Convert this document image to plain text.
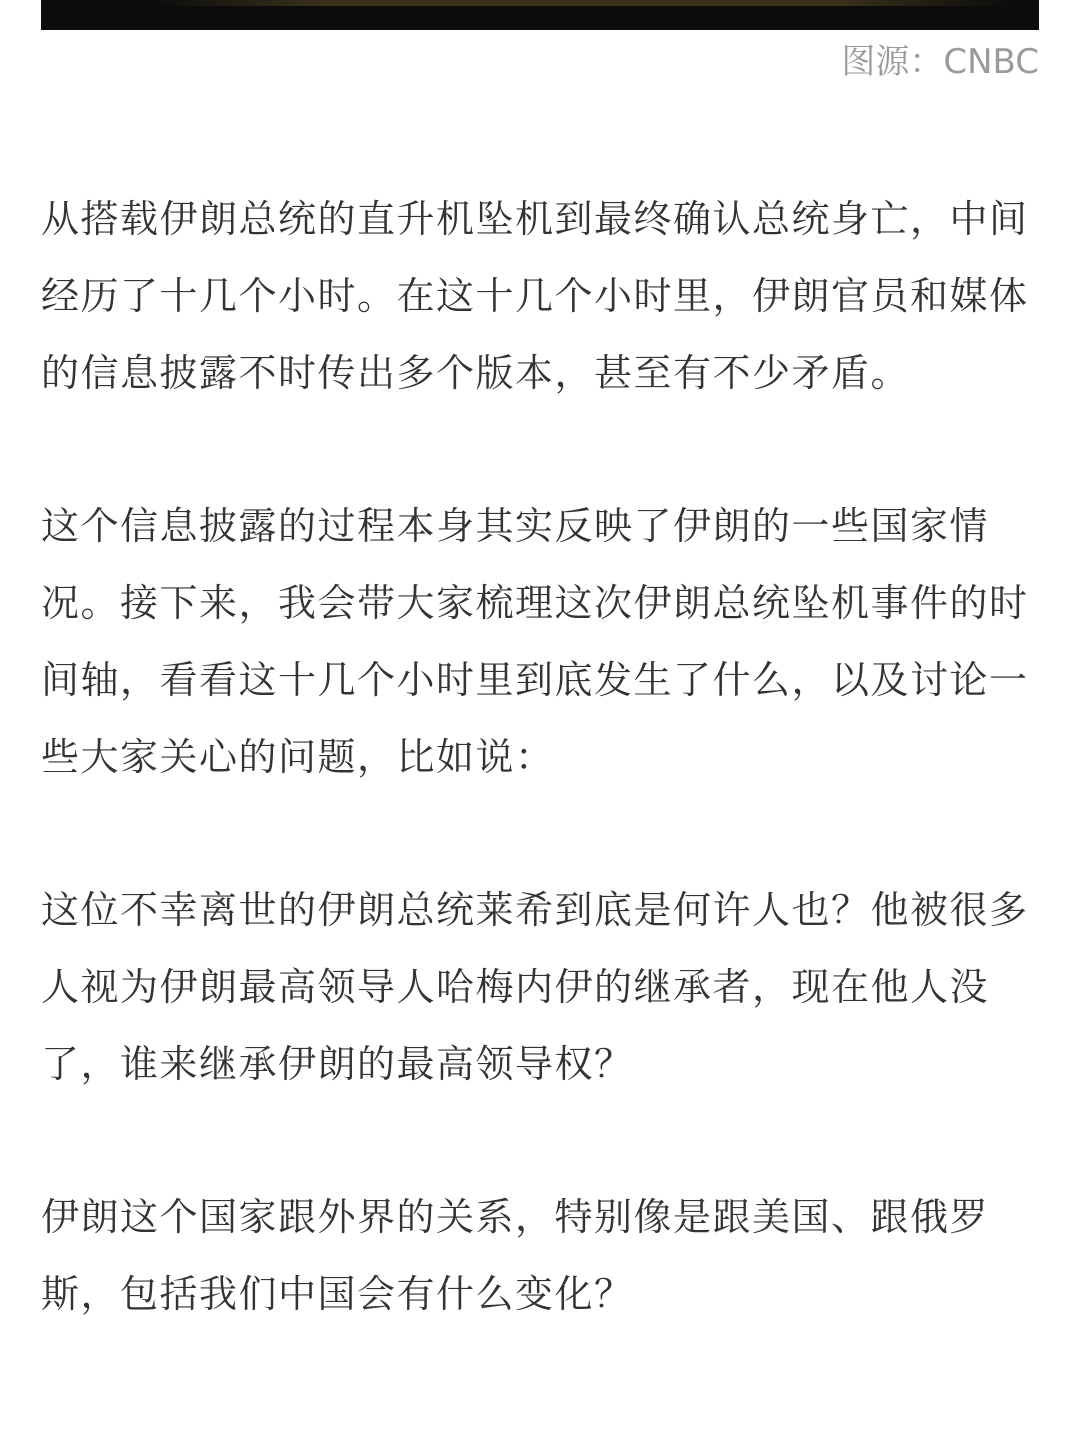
图源：CNBC

从搭载伊朗总统的直升机坠机到最终确认总统身亡，中间经历了十几个小时。在这十几个小时里，伊朗官员和媒体的信息披露不时传出多个版本，甚至有不少矛盾。

这个信息披露的过程本身其实反映了伊朗的一些国家情况。接下来，我会带大家梳理这次伊朗总统坠机事件的时间轴，看看这十几个小时里到底发生了什么，以及讨论一些大家关心的问题，比如说：

这位不幸离世的伊朗总统莱希到底是何许人也？他被很多人视为伊朗最高领导人哈梅内伊的继承者，现在他人没了，谁来继承伊朗的最高领导权？

伊朗这个国家跟外界的关系，特别像是跟美国、跟俄罗斯，包括我们中国会有什么变化？
